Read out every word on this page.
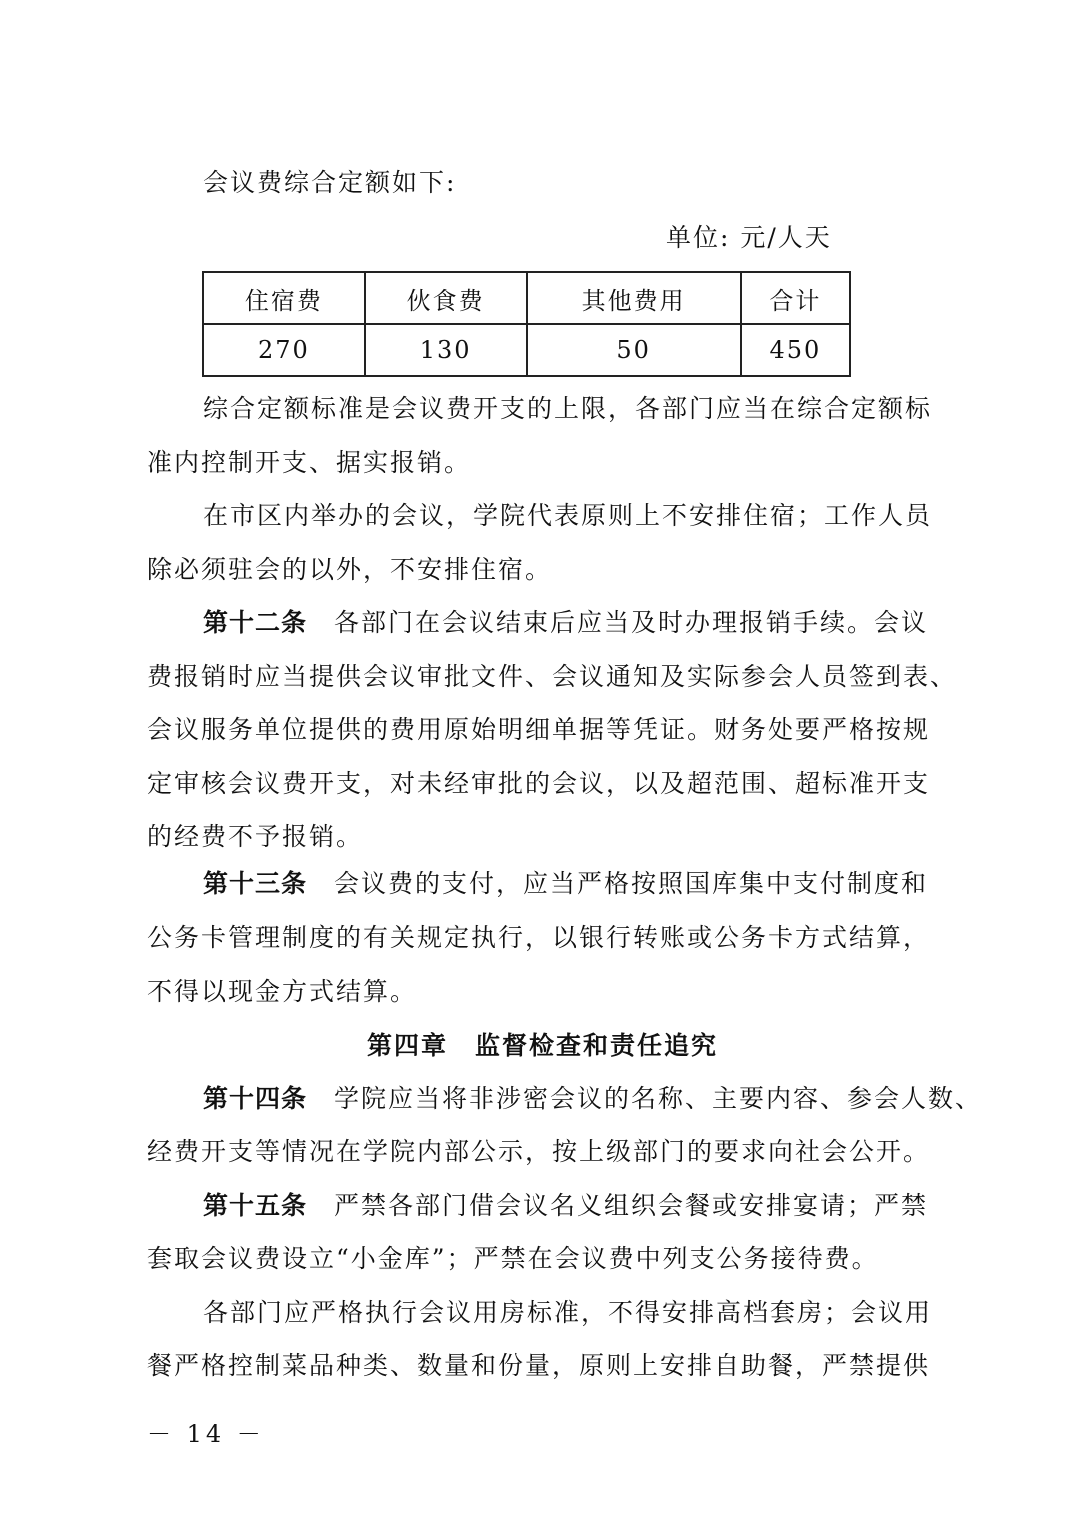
会议费综合定额如下:
单位: 元/人天
住宿费	伙食费	其他费用	合计
270	130	50	450
综合定额标准是会议费开支的上限，各部门应当在综合定额标
准内控制开支、据实报销。
在市区内举办的会议，学院代表原则上不安排住宿；工作人员
除必须驻会的以外，不安排住宿。
第十二条　 各部门在会议结束后应当及时办理报销手续。会议
费报销时应当提供会议审批文件、会议通知及实际参会人员签到表、
会议服务单位提供的费用原始明细单据等凭证。财务处要严格按规
定审核会议费开支，对未经审批的会议，以及超范围、超标准开支
的经费不予报销。
第十三条　 会议费的支付，应当严格按照国库集中支付制度和
公务卡管理制度的有关规定执行，以银行转账或公务卡方式结算，
不得以现金方式结算。
第四章　监督检查和责任追究
第十四条　 学院应当将非涉密会议的名称、主要内容、参会人数、
经费开支等情况在学院内部公示，按上级部门的要求向社会公开。
第十五条　 严禁各部门借会议名义组织会餐或安排宴请；严禁
套取会议费设立“小金库”；严禁在会议费中列支公务接待费。
各部门应严格执行会议用房标准，不得安排高档套房；会议用
餐严格控制菜品种类、数量和份量，原则上安排自助餐，严禁提供
－ 14 －
